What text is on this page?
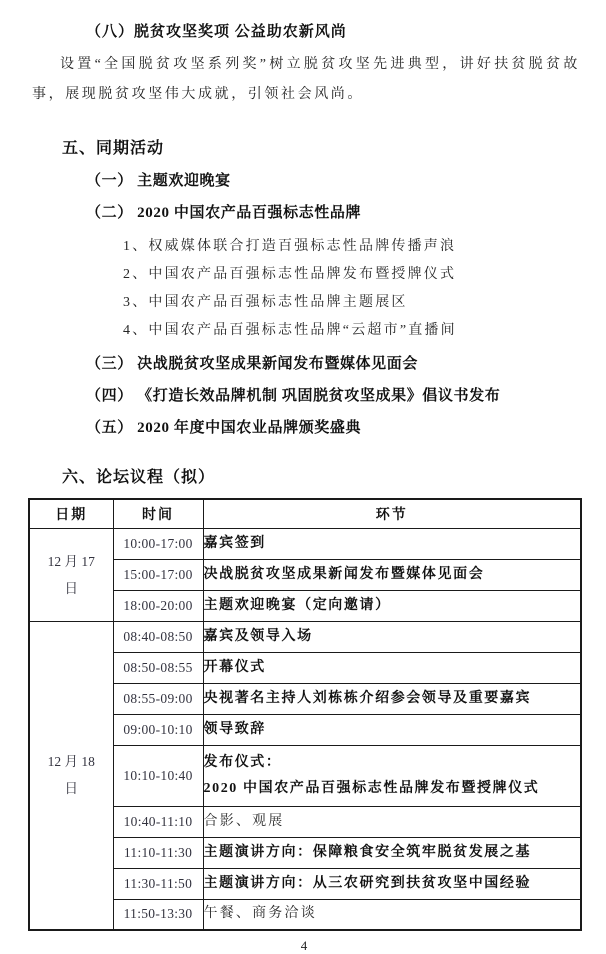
（八）脱贫攻坚奖项 公益助农新风尚

设置“全国脱贫攻坚系列奖”树立脱贫攻坚先进典型，讲好扶贫脱贫故事，展现脱贫攻坚伟大成就，引领社会风尚。

五、同期活动
（一） 主题欢迎晚宴
（二） 2020 中国农产品百强标志性品牌
1、权威媒体联合打造百强标志性品牌传播声浪
2、中国农产品百强标志性品牌发布暨授牌仪式
3、中国农产品百强标志性品牌主题展区
4、中国农产品百强标志性品牌“云超市”直播间
（三） 决战脱贫攻坚成果新闻发布暨媒体见面会
（四） 《打造长效品牌机制 巩固脱贫攻坚成果》倡议书发布
（五） 2020 年度中国农业品牌颁奖盛典
六、论坛议程（拟）
日期	时间	环节

12 月 17
日	10:00-17:00	嘉宾签到
	15:00-17:00	决战脱贫攻坚成果新闻发布暨媒体见面会
	18:00-20:00	主题欢迎晚宴（定向邀请）

12 月 18
日	08:40-08:50	嘉宾及领导入场
	08:50-08:55	开幕仪式
	08:55-09:00	央视著名主持人刘栋栋介绍参会领导及重要嘉宾
	09:00-10:10	领导致辞
	10:10-10:40	发布仪式：
2020 中国农产品百强标志性品牌发布暨授牌仪式

	10:40-11:10	合影、观展
	11:10-11:30	主题演讲方向：保障粮食安全筑牢脱贫发展之基
	11:30-11:50	主题演讲方向：从三农研究到扶贫攻坚中国经验
	11:50-13:30	午餐、商务洽谈
4
